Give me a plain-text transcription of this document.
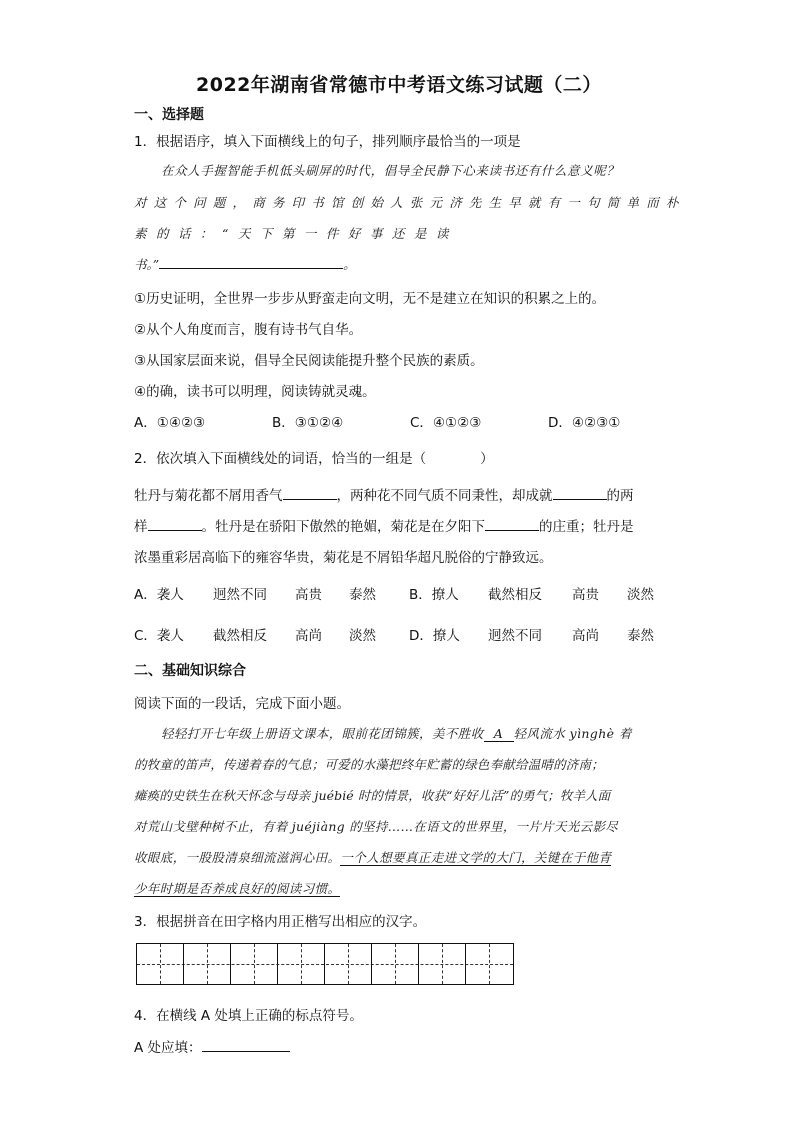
2022年湖南省常德市中考语文练习试题（二）
一、选择题
1．根据语序，填入下面横线上的句子，排列顺序最恰当的一项是
在众人手握智能手机低头刷屏的时代，倡导全民静下心来读书还有什么意义呢？
对这个问题，商务印书馆创始人张元济先生早就有一句简单而朴
素的话：“天下第一件好事还是读
书。”	。
①历史证明，全世界一步步从野蛮走向文明，无不是建立在知识的积累之上的。
②从个人角度而言，腹有诗书气自华。
③从国家层面来说，倡导全民阅读能提升整个民族的素质。
④的确，读书可以明理，阅读铸就灵魂。
A．①④②③	B．③①②④	C．④①②③	D．④②③①
2．依次填入下面横线处的词语，恰当的一组是（　　　　）
牡丹与菊花都不屑用香气	，两种花不同气质不同秉性，却成就	的两
样	。牡丹是在骄阳下傲然的艳媚，菊花是在夕阳下	的庄重；牡丹是
浓墨重彩居高临下的雍容华贵，菊花是不屑铅华超凡脱俗的宁静致远。
A．袭人 迥然不同 高贵 泰然 B．撩人 截然相反 高贵 淡然
C．袭人 截然相反 高尚 淡然 D．撩人 迥然不同 高尚 泰然
二、基础知识综合
阅读下面的一段话，完成下面小题。
轻轻打开七年级上册语文课本，眼前花团锦簇，美不胜收 A 轻风流水 yìnghè 着
的牧童的笛声，传递着春的气息；可爱的水藻把终年贮蓄的绿色奉献给温晴的济南；
瘫痪的史铁生在秋天怀念与母亲 juébié 时的情景，收获“好好儿活”的勇气；牧羊人面
对荒山戈壁种树不止，有着 juéjiàng 的坚持……在语文的世界里，一片片天光云影尽
收眼底，一股股清泉细流滋润心田。一个人想要真正走进文学的大门，关键在于他青
少年时期是否养成良好的阅读习惯。
3．根据拼音在田字格内用正楷写出相应的汉字。
4．在横线 A 处填上正确的标点符号。
A 处应填：
